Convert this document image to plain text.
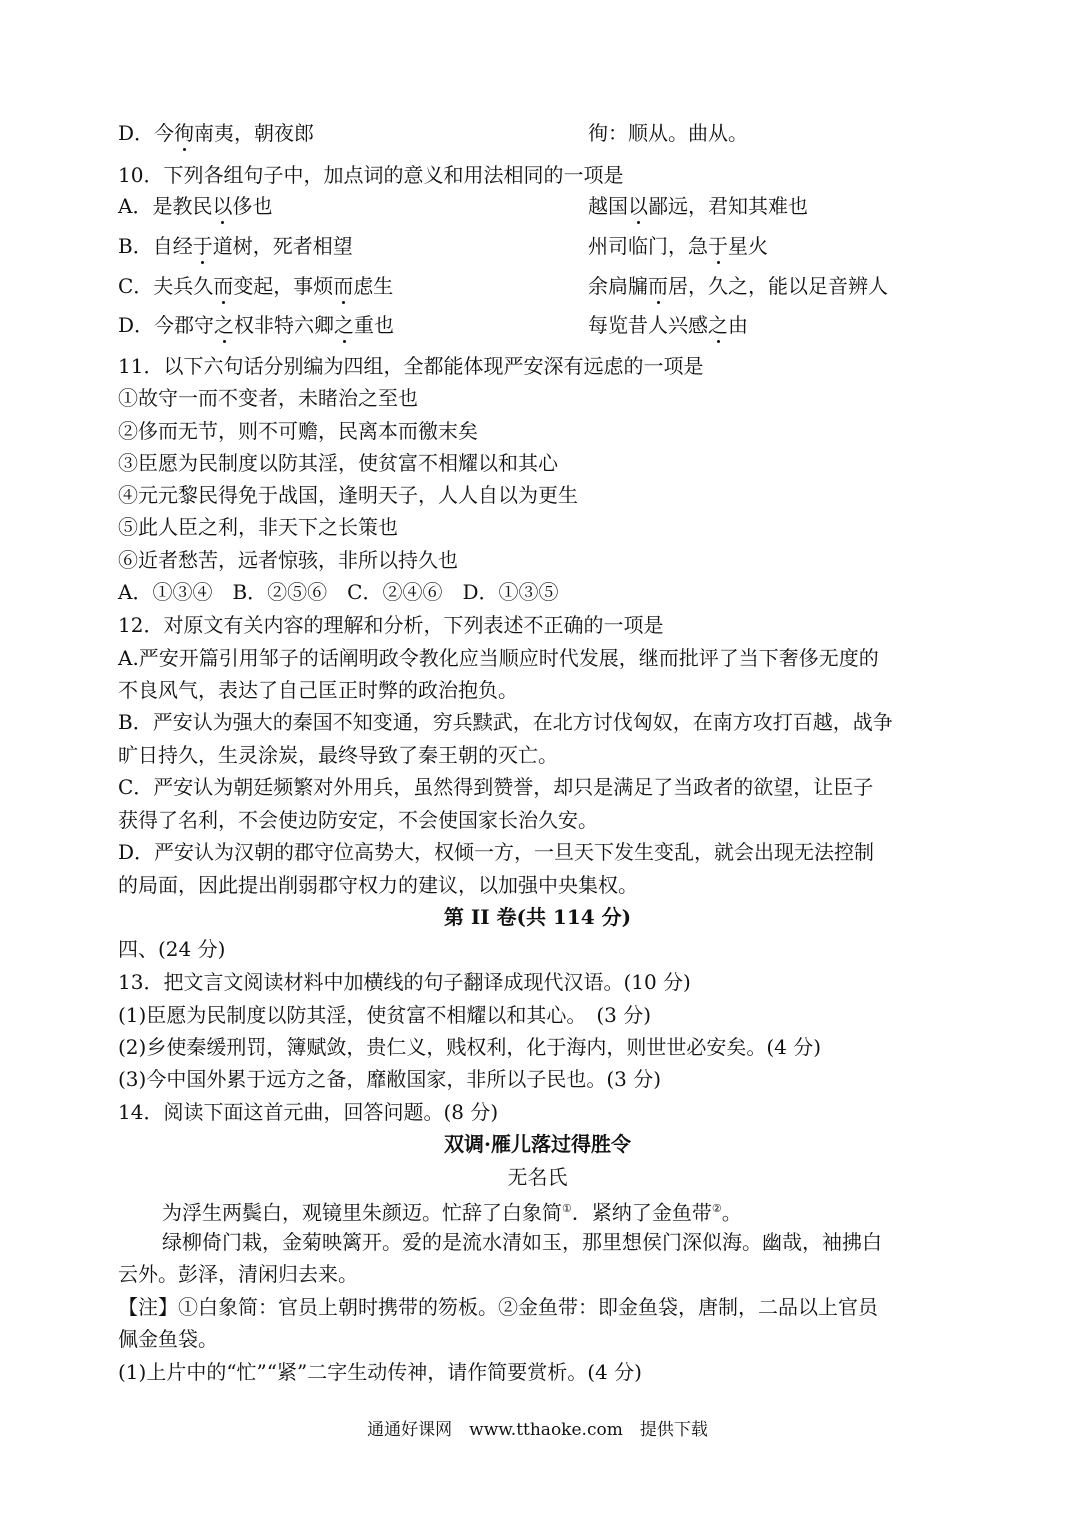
D．今徇南夷，朝夜郎	徇：顺从。曲从。
10．下列各组句子中，加点词的意义和用法相同的一项是
A．是教民以侈也	越国以鄙远，君知其难也
B．自经于道树，死者相望	州司临门，急于星火
C．夫兵久而变起，事烦而虑生	余扃牖而居，久之，能以足音辨人
D．今郡守之权非特六卿之重也	每览昔人兴感之由
11．以下六句话分别编为四组，全都能体现严安深有远虑的一项是
①故守一而不变者，未睹治之至也
②侈而无节，则不可赡，民离本而徼末矣
③臣愿为民制度以防其淫，使贫富不相耀以和其心
④元元黎民得免于战国，逢明天子，人人自以为更生
⑤此人臣之利，非天下之长策也
⑥近者愁苦，远者惊骇，非所以持久也
A．①③④　B．②⑤⑥　C．②④⑥　D．①③⑤
12．对原文有关内容的理解和分析，下列表述不正确的一项是
A.严安开篇引用邹子的话阐明政令教化应当顺应时代发展，继而批评了当下奢侈无度的
不良风气，表达了自己匡正时弊的政治抱负。
B．严安认为强大的秦国不知变通，穷兵黩武，在北方讨伐匈奴，在南方攻打百越，战争
旷日持久，生灵涂炭，最终导致了秦王朝的灭亡。
C．严安认为朝廷频繁对外用兵，虽然得到赞誉，却只是满足了当政者的欲望，让臣子
获得了名利，不会使边防安定，不会使国家长治久安。
D．严安认为汉朝的郡守位高势大，权倾一方，一旦天下发生变乱，就会出现无法控制
的局面，因此提出削弱郡守权力的建议，以加强中央集权。
第 II 卷(共 114 分)
四、(24 分)
13．把文言文阅读材料中加横线的句子翻译成现代汉语。(10 分)
(1)臣愿为民制度以防其淫，使贫富不相耀以和其心。　(3 分)
(2)乡使秦缓刑罚，簿赋敛，贵仁义，贱权利，化于海内，则世世必安矣。(4 分)
(3)今中国外累于远方之备，靡敝国家，非所以子民也。(3 分)
14．阅读下面这首元曲，回答问题。(8 分)
双调·雁儿落过得胜令
无名氏
为浮生两鬓白，观镜里朱颜迈。忙辞了白象简①．紧纳了金鱼带②。
绿柳倚门栽，金菊映篱开。爱的是流水清如玉，那里想侯门深似海。幽哉，袖拂白
云外。彭泽，清闲归去来。
【注】①白象简：官员上朝时携带的笏板。②金鱼带：即金鱼袋，唐制，二品以上官员
佩金鱼袋。
(1)上片中的“忙”“紧”二字生动传神，请作简要赏析。(4 分)
通通好课网　www.tthaoke.com　提供下载
